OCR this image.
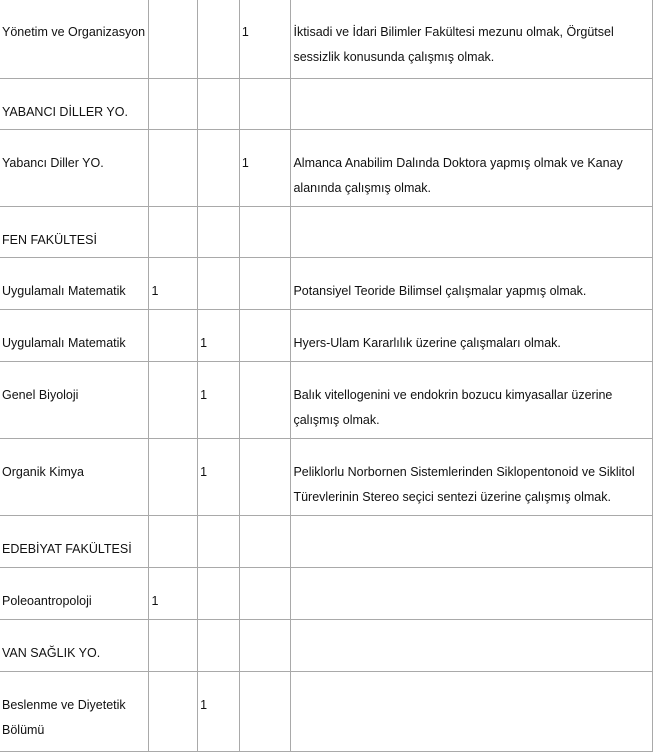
Yönetim ve Organizasyon			1	İktisadi ve İdari Bilimler Fakültesi mezunu olmak, Örgütsel sessizlik konusunda çalışmış olmak.
YABANCI DİLLER YO.				
Yabancı Diller YO.			1	Almanca Anabilim Dalında Doktora yapmış olmak ve Kanay alanında çalışmış olmak.
FEN FAKÜLTESİ				
Uygulamalı Matematik	1			Potansiyel Teoride Bilimsel çalışmalar yapmış olmak.
Uygulamalı Matematik		1		Hyers-Ulam Kararlılık üzerine çalışmaları olmak.
Genel Biyoloji		1		Balık vitellogenini ve endokrin bozucu kimyasallar üzerine çalışmış olmak.
Organik Kimya		1		Peliklorlu Norbornen Sistemlerinden Siklopentonoid ve Siklitol Türevlerinin Stereo seçici sentezi üzerine çalışmış olmak.
EDEBİYAT FAKÜLTESİ				
Poleoantropoloji	1			
VAN SAĞLIK YO.				
Beslenme ve Diyetetik Bölümü		1		
